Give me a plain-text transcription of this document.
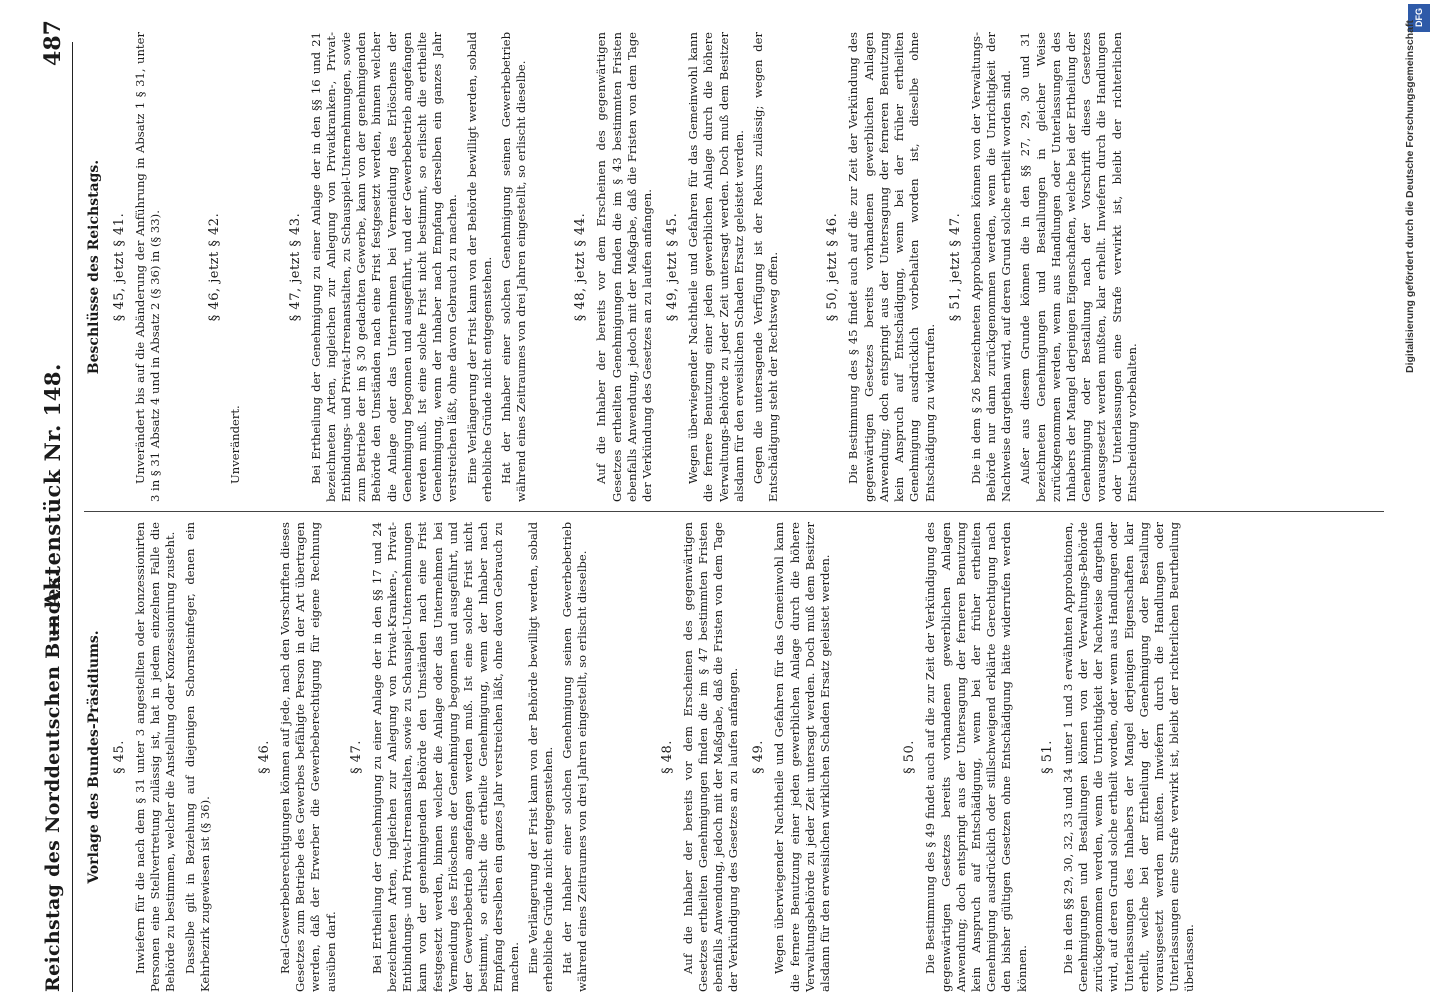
Reichstag des Norddeutschen Bundes.
— Aktenstück Nr. 148.
487
Vorlage des Bundes-Präsidiums. § 45. Inwiefern für die nach dem § 31 unter 3 angestellten oder konzessionirten Personen eine Stellvertretung zulässig ist, hat in jedem einzelnen Falle die Behörde zu bestimmen, welcher die Anstellung oder Konzessionirung zusteht. Dasselbe gilt in Beziehung auf diejenigen Schornsteinfeger, denen ein Kehrbezirk zugewiesen ist (§ 36).

§ 46. Real-Gewerbeberechtigungen können auf jede, nach den Vorschriften dieses Gesetzes zum Betriebe des Gewerbes befähigte Person in der Art übertragen werden, daß der Erwerber die Gewerbeberechtigung für eigene Rechnung ausüben darf.

§ 47. Bei Ertheilung der Genehmigung zu einer Anlage der in den §§ 17 und 24 bezeichneten Arten, ingleichen zur Anlegung von Privat-Kranken-, Privat-Entbindungs- und Privat-Irrenanstalten, sowie zu Schauspiel-Unternehmungen kann von der genehmigenden Behörde den Umständen nach eine Frist festgesetzt werden, binnen welcher die Anlage oder das Unternehmen bei Vermeidung des Erlöschens der Genehmigung begonnen und ausgeführt, und der Gewerbebetrieb angefangen werden muß. Ist eine solche Frist nicht bestimmt, so erlischt die ertheilte Genehmigung, wenn der Inhaber nach Empfang derselben ein ganzes Jahr verstreichen läßt, ohne davon Gebrauch zu machen. Eine Verlängerung der Frist kann von der Behörde bewilligt werden, sobald erhebliche Gründe nicht entgegenstehen. Hat der Inhaber einer solchen Genehmigung seinen Gewerbebetrieb während eines Zeitraumes von drei Jahren eingestellt, so erlischt dieselbe.	§ 48. Auf die Inhaber der bereits vor dem Erscheinen des gegenwärtigen Gesetzes ertheilten Genehmigungen finden die im § 47 bestimmten Fristen ebenfalls Anwendung, jedoch mit der Maßgabe, daß die Fristen von dem Tage der Verkündigung des Gesetzes an zu laufen anfangen. § 49. Wegen überwiegender Nachtheile und Gefahren für das Gemeinwohl kann die fernere Benutzung einer jeden gewerblichen Anlage durch die höhere Verwaltungsbehörde zu jeder Zeit untersagt werden. Doch muß dem Besitzer alsdann für den erweislichen wirklichen Schaden Ersatz geleistet werden.	§ 50. Die Bestimmung des § 49 findet auch auf die zur Zeit der Verkündigung des gegenwärtigen Gesetzes bereits vorhandenen gewerblichen Anlagen Anwendung; doch entspringt aus der Untersagung der ferneren Benutzung kein Anspruch auf Entschädigung, wenn bei der früher ertheilten Genehmigung ausdrücklich oder stillschweigend erklärte Gerechtigung nach den bisher gültigen Gesetzen ohne Entschädigung hätte widerrufen werden können.

§ 51. Die in den §§ 29, 30, 32, 33 und 34 unter 1 und 3 erwähnten Approbationen, Genehmigungen und Bestallungen können von der Verwaltungs-Behörde zurückgenommen werden, wenn die Unrichtigkeit der Nachweise dargethan wird, auf deren Grund solche ertheilt worden, oder wenn aus Handlungen oder Unterlassungen des Inhabers der Mangel derjenigen Eigenschaften klar erhellt, welche bei der Ertheilung der Genehmigung oder Bestallung vorausgesetzt werden mußten. Inwiefern durch die Handlungen oder Unterlassungen eine Strafe verwirkt ist, bleibt der richterlichen Beurtheilung überlassen.

Beschlüsse des Reichstags. § 45, jetzt § 41. Unverändert bis auf die Abänderung der Anführung in Absatz 1 § 31, unter 3 in § 31 Absatz 4 und in Absatz 2 (§ 36) in (§ 33).	§ 46, jetzt § 42.

Unverändert.

§ 47, jetzt § 43. Bei Ertheilung der Genehmigung zu einer Anlage der in den §§ 16 und 21 bezeichneten Arten, ingleichen zur Anlegung von Privatkranken-, Privat-Entbindungs- und Privat-Irrenanstalten, zu Schauspiel-Unternehmungen, sowie zum Betriebe der im § 30 gedachten Gewerbe, kann von der genehmigenden Behörde den Umständen nach eine Frist festgesetzt werden, binnen welcher die Anlage oder das Unternehmen bei Vermeidung des Erlöschens der Genehmigung begonnen und ausgeführt, und der Gewerbebetrieb angefangen werden muß. Ist eine solche Frist nicht bestimmt, so erlischt die ertheilte Genehmigung, wenn der Inhaber nach Empfang derselben ein ganzes Jahr verstreichen läßt, ohne davon Gebrauch zu machen. Eine Verlängerung der Frist kann von der Behörde bewilligt werden, sobald erhebliche Gründe nicht entgegenstehen. Hat der Inhaber einer solchen Genehmigung seinen Gewerbebetrieb während eines Zeitraumes von drei Jahren eingestellt, so erlischt dieselbe.	§ 48, jetzt § 44. Auf die Inhaber der bereits vor dem Erscheinen des gegenwärtigen Gesetzes ertheilten Genehmigungen finden die im § 43 bestimmten Fristen ebenfalls Anwendung, jedoch mit der Maßgabe, daß die Fristen von dem Tage der Verkündung des Gesetzes an zu laufen anfangen. § 49, jetzt § 45. Wegen überwiegender Nachtheile und Gefahren für das Gemeinwohl kann die fernere Benutzung einer jeden gewerblichen Anlage durch die höhere Verwaltungs-Behörde zu jeder Zeit untersagt werden. Doch muß dem Besitzer alsdann für den erweislichen Schaden Ersatz geleistet werden. Gegen die untersagende Verfügung ist der Rekurs zulässig; wegen der Entschädigung steht der Rechtsweg offen.	§ 50, jetzt § 46. Die Bestimmung des § 45 findet auch auf die zur Zeit der Verkündung des gegenwärtigen Gesetzes bereits vorhandenen gewerblichen Anlagen Anwendung; doch entspringt aus der Untersagung der ferneren Benutzung kein Anspruch auf Entschädigung, wenn bei der früher ertheilten Genehmigung ausdrücklich vorbehalten worden ist, dieselbe ohne Entschädigung zu widerrufen.

§ 51, jetzt § 47. Die in dem § 26 bezeichneten Approbationen können von der Verwaltungs-Behörde nur dann zurückgenommen werden, wenn die Unrichtigkeit der Nachweise dargethan wird, auf deren Grund solche ertheilt worden sind. Außer aus diesem Grunde können die in den §§ 27, 29, 30 und 31 bezeichneten Genehmigungen und Bestallungen in gleicher Weise zurückgenommen werden, wenn aus Handlungen oder Unterlassungen des Inhabers der Mangel derjenigen Eigenschaften, welche bei der Ertheilung der Genehmigung oder Bestallung nach der Vorschrift dieses Gesetzes vorausgesetzt werden mußten, klar erhellt. Inwiefern durch die Handlungen oder Unterlassungen eine Strafe verwirkt ist, bleibt der richterlichen Entscheidung vorbehalten.

DFG
Digitalisierung gefördert durch die Deutsche Forschungsgemeinschaft
